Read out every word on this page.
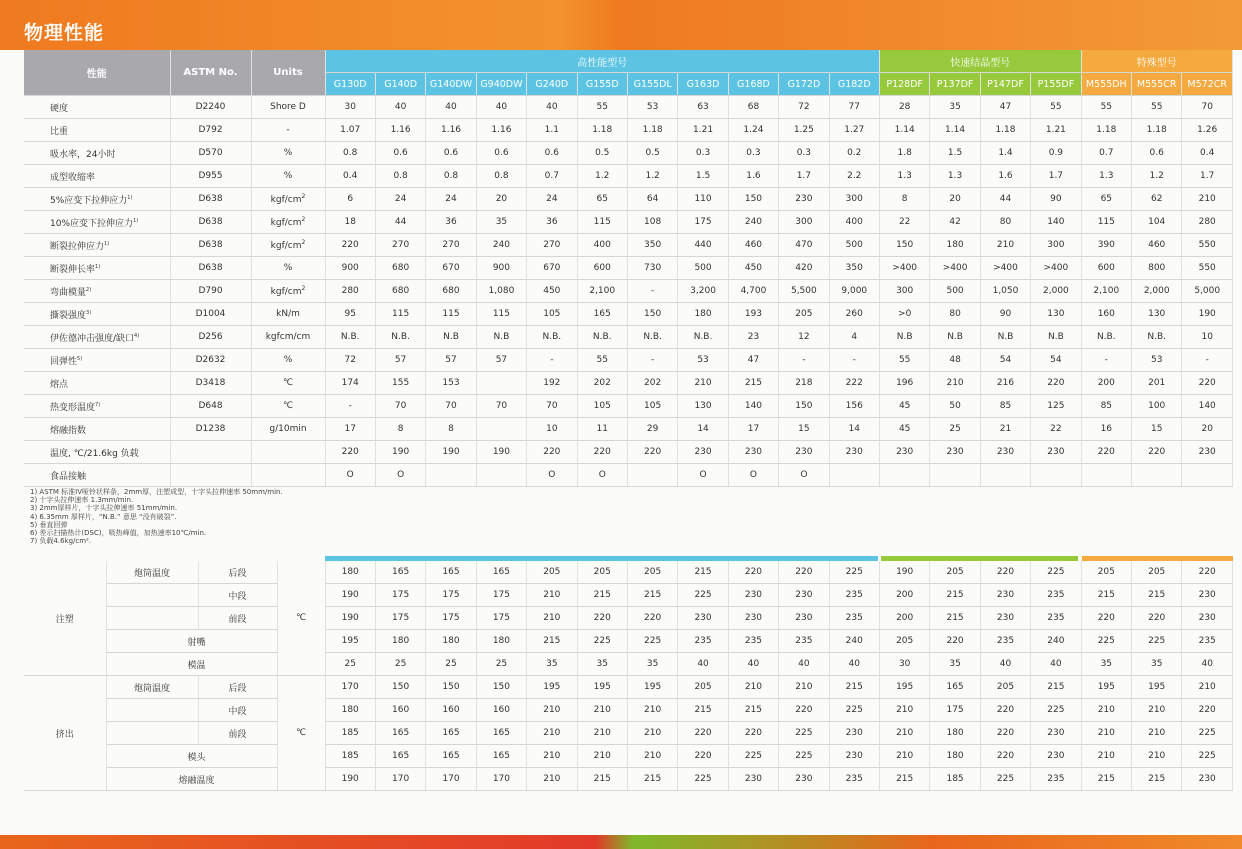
物理性能
性能	ASTM No.	Units	高性能型号											快速结晶型号				特殊型号		
			G130D	G140D	G140DW	G940DW	G240D	G155D	G155DL	G163D	G168D	G172D	G182D	P128DF	P137DF	P147DF	P155DF	M555DH	M555CR	M572CR
硬度	D2240	Shore D	30	40	40	40	40	55	53	63	68	72	77	28	35	47	55	55	55	70
比重	D792	-	1.07	1.16	1.16	1.16	1.1	1.18	1.18	1.21	1.24	1.25	1.27	1.14	1.14	1.18	1.21	1.18	1.18	1.26
吸水率，24小时	D570	%	0.8	0.6	0.6	0.6	0.6	0.5	0.5	0.3	0.3	0.3	0.2	1.8	1.5	1.4	0.9	0.7	0.6	0.4
成型收缩率	D955	%	0.4	0.8	0.8	0.8	0.7	1.2	1.2	1.5	1.6	1.7	2.2	1.3	1.3	1.6	1.7	1.3	1.2	1.7
5%应变下拉伸应力$^{1)}$	D638	kgf/$cm^2$	6	24	24	20	24	65	64	110	150	230	300	8	20	44	90	65	62	210
10%应变下拉伸应力$^{1)}$	D638	kgf/$cm^2$	18	44	36	35	36	115	108	175	240	300	400	22	42	80	140	115	104	280
断裂拉伸应力$^{1)}$	D638	kgf/$cm^2$	220	270	270	240	270	400	350	440	460	470	500	150	180	210	300	390	460	550
断裂伸长率$^{1)}$	D638	%	900	680	670	900	670	600	730	500	450	420	350	>400	>400	>400	>400	600	800	550
弯曲模量$^{2)}$	D790	kgf/$cm^2$	280	680	680	1,080	450	2,100	-	3,200	4,700	5,500	9,000	300	500	1,050	2,000	2,100	2,000	5,000
撕裂强度$^{3)}$	D1004	kN/m	95	115	115	115	105	165	150	180	193	205	260	>0	80	90	130	160	130	190
伊佐德冲击强度/缺口$^{4)}$	D256	kgfcm/cm	N.B.	N.B.	N.B	N.B	N.B.	N.B.	N.B.	N.B.	23	12	4	N.B	N.B	N.B	N.B	N.B.	N.B.	10
回弹性$^{5)}$	D2632	%	72	57	57	57	-	55	-	53	47	-	-	55	48	54	54	-	53	-
熔点	D3418	℃	174	155	153		192	202	202	210	215	218	222	196	210	216	220	200	201	220
热变形温度$^{7)}$	D648	℃	-	70	70	70	70	105	105	130	140	150	156	45	50	85	125	85	100	140
熔融指数	D1238	g/10min	17	8	8		10	11	29	14	17	15	14	45	25	21	22	16	15	20
温度, ℃/21.6kg 负载			220	190	190	190	220	220	220	230	230	230	230	230	230	230	230	220	220	230
食品接触			O	O			O	O		O	O	O								
1) ASTM 标准IV哑铃状样条，2mm厚，注塑成型，十字头拉伸速率 50mm/min.
2) 十字头拉伸速率 1.3mm/min.
3) 2mm厚样片，十字头拉伸速率 51mm/min.
4) 6.35mm 厚样片，“N.B.” 意思 “没有破裂”.
5) 垂直回弹
6) 差示扫描热计(DSC)，吸热峰值，加热速率10℃/min.
7) 负载4.6kg/cm².
注塑	炮筒温度	后段	℃	180	165	165	165	205	205	205	215	220	220	225	190	205	220	225	205	205	220
		中段		190	175	175	175	210	215	215	225	230	230	235	200	215	230	235	215	215	230
		前段		190	175	175	175	210	220	220	230	230	230	235	200	215	230	235	220	220	230
	射嘴			195	180	180	180	215	225	225	235	235	235	240	205	220	235	240	225	225	235
	模温			25	25	25	25	35	35	35	40	40	40	40	30	35	40	40	35	35	40
挤出	炮筒温度	后段	℃	170	150	150	150	195	195	195	205	210	210	215	195	165	205	215	195	195	210
		中段		180	160	160	160	210	210	210	215	215	220	225	210	175	220	225	210	210	220
		前段		185	165	165	165	210	210	210	220	220	225	230	210	180	220	230	210	210	225
	模头			185	165	165	165	210	210	210	220	225	225	230	210	180	220	230	210	210	225
	熔融温度			190	170	170	170	210	215	215	225	230	230	235	215	185	225	235	215	215	230
